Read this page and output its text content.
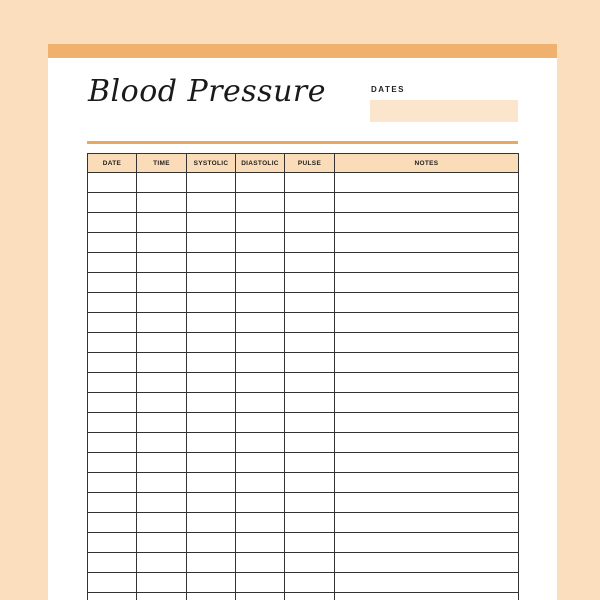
Blood Pressure	DATES
DATE	TIME	SYSTOLIC	DIASTOLIC	PULSE	NOTES
